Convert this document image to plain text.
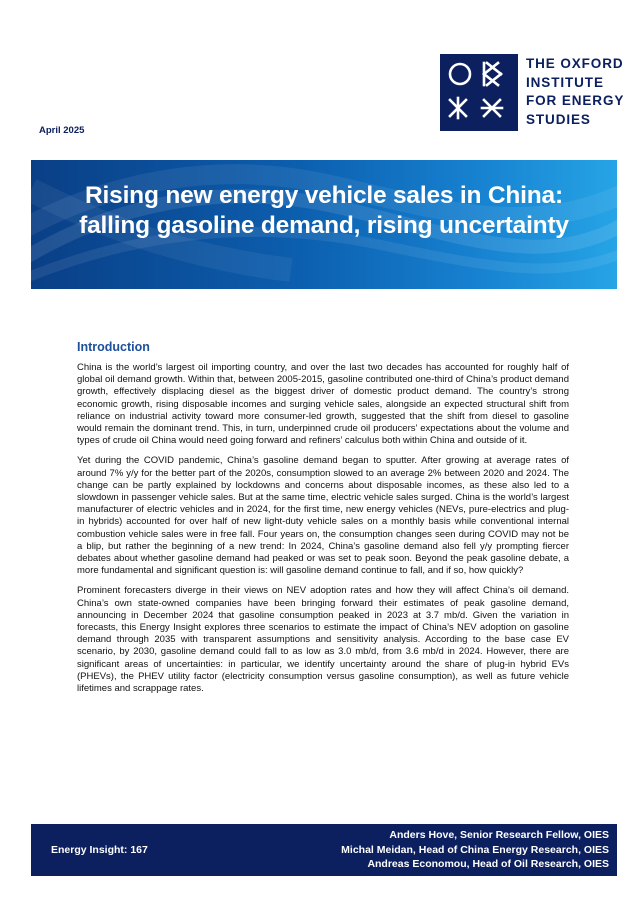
THE OXFORD
INSTITUTE
FOR ENERGY
STUDIES
April 2025
Rising new energy vehicle sales in China:
falling gasoline demand, rising uncertainty
Introduction

China is the world’s largest oil importing country, and over the last two decades has accounted for roughly half of global oil demand growth. Within that, between 2005-2015, gasoline contributed one-third of China’s product demand growth, effectively displacing diesel as the biggest driver of domestic product demand. The country’s strong economic growth, rising disposable incomes and surging vehicle sales, alongside an expected structural shift from reliance on industrial activity toward more consumer-led growth, suggested that the shift from diesel to gasoline would remain the dominant trend. This, in turn, underpinned crude oil producers’ expectations about the volume and types of crude oil China would need going forward and refiners’ calculus both within China and outside of it.

Yet during the COVID pandemic, China’s gasoline demand began to sputter. After growing at average rates of around 7% y/y for the better part of the 2020s, consumption slowed to an average 2% between 2020 and 2024. The change can be partly explained by lockdowns and concerns about disposable incomes, as these also led to a slowdown in passenger vehicle sales. But at the same time, electric vehicle sales surged. China is the world’s largest manufacturer of electric vehicles and in 2024, for the first time, new energy vehicles (NEVs, pure-electrics and plug-in hybrids) accounted for over half of new light-duty vehicle sales on a monthly basis while conventional internal combustion vehicle sales were in free fall. Four years on, the consumption changes seen during COVID may not be a blip, but rather the beginning of a new trend: In 2024, China’s gasoline demand also fell y/y prompting fiercer debates about whether gasoline demand had peaked or was set to peak soon. Beyond the peak gasoline debate, a more fundamental and significant question is: will gasoline demand continue to fall, and if so, how quickly?

Prominent forecasters diverge in their views on NEV adoption rates and how they will affect China’s oil demand. China’s own state-owned companies have been bringing forward their estimates of peak gasoline demand, announcing in December 2024 that gasoline consumption peaked in 2023 at 3.7 mb/d. Given the variation in forecasts, this Energy Insight explores three scenarios to estimate the impact of China’s NEV adoption on gasoline demand through 2035 with transparent assumptions and sensitivity analysis. According to the base case EV scenario, by 2030, gasoline demand could fall to as low as 3.0 mb/d, from 3.6 mb/d in 2024. However, there are significant areas of uncertainties: in particular, we identify uncertainty around the share of plug-in hybrid EVs (PHEVs), the PHEV utility factor (electricity consumption versus gasoline consumption), as well as future vehicle lifetimes and scrappage rates.

Energy Insight: 167
Anders Hove, Senior Research Fellow, OIES
Michal Meidan, Head of China Energy Research, OIES
Andreas Economou, Head of Oil Research, OIES
